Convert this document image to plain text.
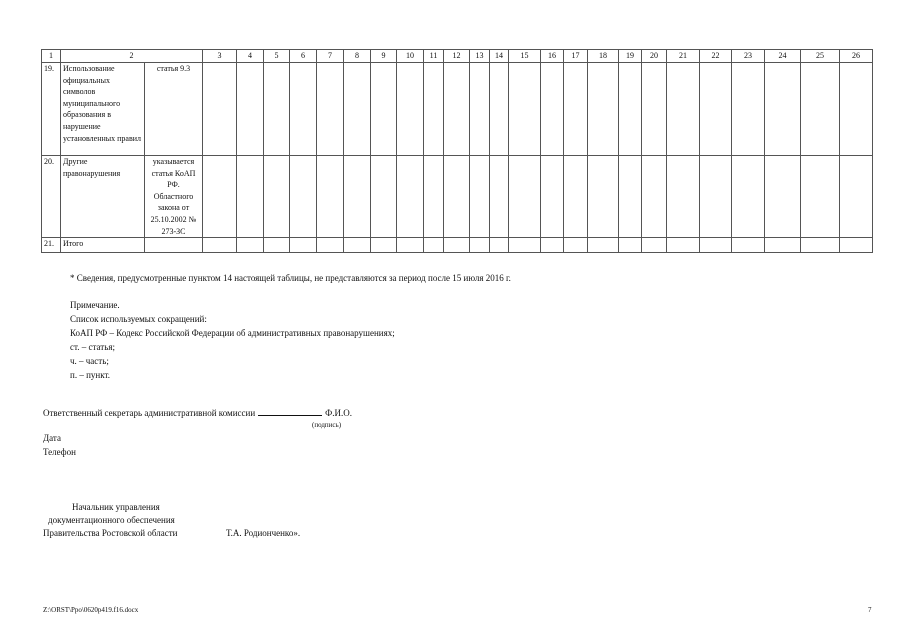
1	2		3	4	5	6	7	8	9	10	11	12	13	14	15	16	17	18	19	20	21	22	23	24	25	26
19.	Использование официальных символов муниципального образования в нарушение установленных правил	статья 9.3																								
20.	Другие правонарушения	указывается статья КоАП РФ. Областного закона от 25.10.2002 № 273-ЗС																								
21.	Итого																									

* Сведения, предусмотренные пунктом 14 настоящей таблицы, не представляются за период после 15 июля 2016 г.

Примечание.

Список используемых сокращений:

КоАП РФ – Кодекс Российской Федерации об административных правонарушениях;

ст. – статья;

ч. – часть;

п. – пункт.

Ответственный секретарь административной комиссии	Ф.И.О.

(подпись)

Дата

Телефон

Начальник управления

документационного обеспечения

Правительства Ростовской области	Т.А. Родионченко».

Z:\ORST\Ppo\0620p419.f16.docx	7
